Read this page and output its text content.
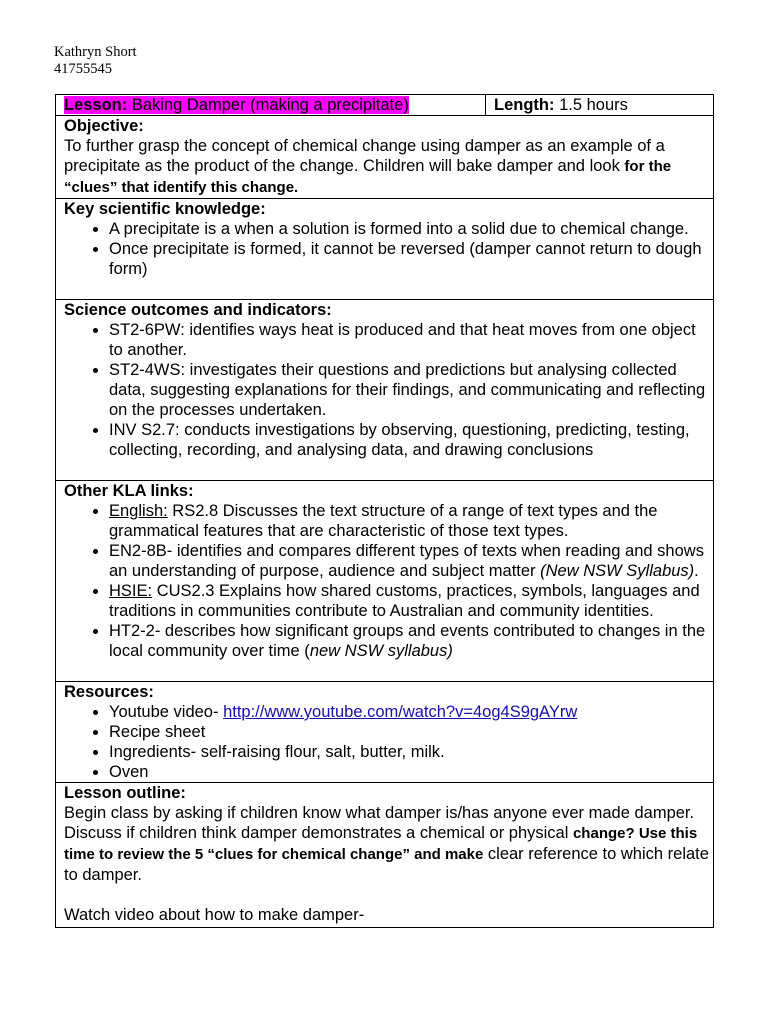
Kathryn Short
41755545
Lesson: Baking Damper (making a precipitate)	Length: 1.5 hours
Objective:
To further grasp the concept of chemical change using damper as an example of a precipitate as the product of the change. Children will bake damper and look for the “clues” that identify this change.
Key scientific knowledge:
• A precipitate is a when a solution is formed into a solid due to chemical change.
• Once precipitate is formed, it cannot be reversed (damper cannot return to dough form)

Science outcomes and indicators:
• ST2-6PW: identifies ways heat is produced and that heat moves from one object to another.
• ST2-4WS: investigates their questions and predictions but analysing collected data, suggesting explanations for their findings, and communicating and reflecting on the processes undertaken.
• INV S2.7: conducts investigations by observing, questioning, predicting, testing, collecting, recording, and analysing data, and drawing conclusions

Other KLA links:
• English: RS2.8 Discusses the text structure of a range of text types and the grammatical features that are characteristic of those text types.
• EN2-8B- identifies and compares different types of texts when reading and shows an understanding of purpose, audience and subject matter (New NSW Syllabus).
• HSIE: CUS2.3 Explains how shared customs, practices, symbols, languages and traditions in communities contribute to Australian and community identities.
• HT2-2- describes how significant groups and events contributed to changes in the local community over time (new NSW syllabus)

Resources:
• Youtube video- http://www.youtube.com/watch?v=4og4S9gAYrw
• Recipe sheet
• Ingredients- self-raising flour, salt, butter, milk.
• Oven

Lesson outline:
Begin class by asking if children know what damper is/has anyone ever made damper. Discuss if children think damper demonstrates a chemical or physical change? Use this time to review the 5 “clues for chemical change” and make clear reference to which relate to damper.
Watch video about how to make damper-
